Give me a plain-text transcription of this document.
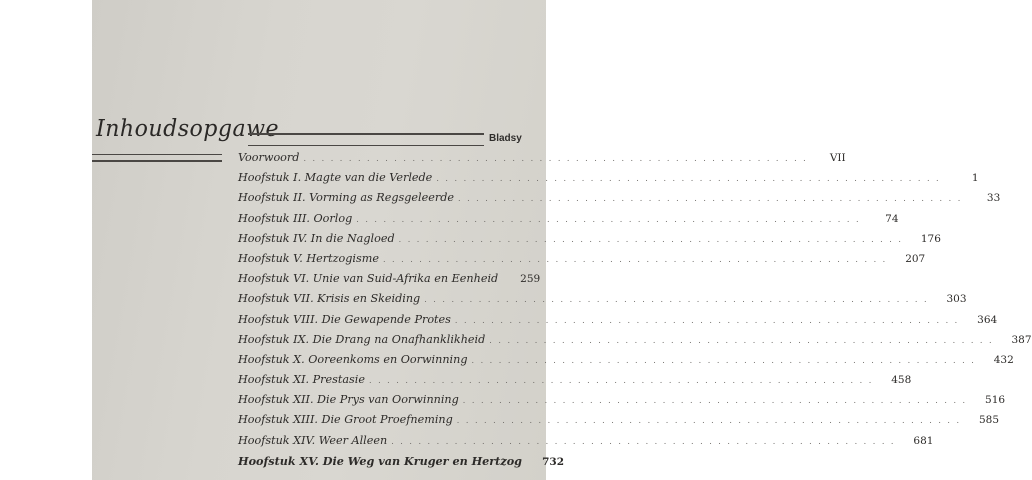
Inhoudsopgawe	Bladsy
Voorwoord . . .	VII
Hoofstuk I. Magte van die Verlede . . .	1
Hoofstuk II. Vorming as Regsgeleerde . . .	33
Hoofstuk III. Oorlog . . .	74
Hoofstuk IV. In die Nagloed . . .	176
Hoofstuk V. Hertzogisme . . .	207
Hoofstuk VI. Unie van Suid-Afrika en Eenheid	259
Hoofstuk VII. Krisis en Skeiding . . .	303
Hoofstuk VIII. Die Gewapende Protes . . .	364
Hoofstuk IX. Die Drang na Onafhanklikheid . . .	387
Hoofstuk X. Ooreenkoms en Oorwinning . . .	432
Hoofstuk XI. Prestasie . . .	458
Hoofstuk XII. Die Prys van Oorwinning . . .	516
Hoofstuk XIII. Die Groot Proefneming . . .	585
Hoofstuk XIV. Weer Alleen . . .	681
Hoofstuk XV. Die Weg van Kruger en Hertzog	732
